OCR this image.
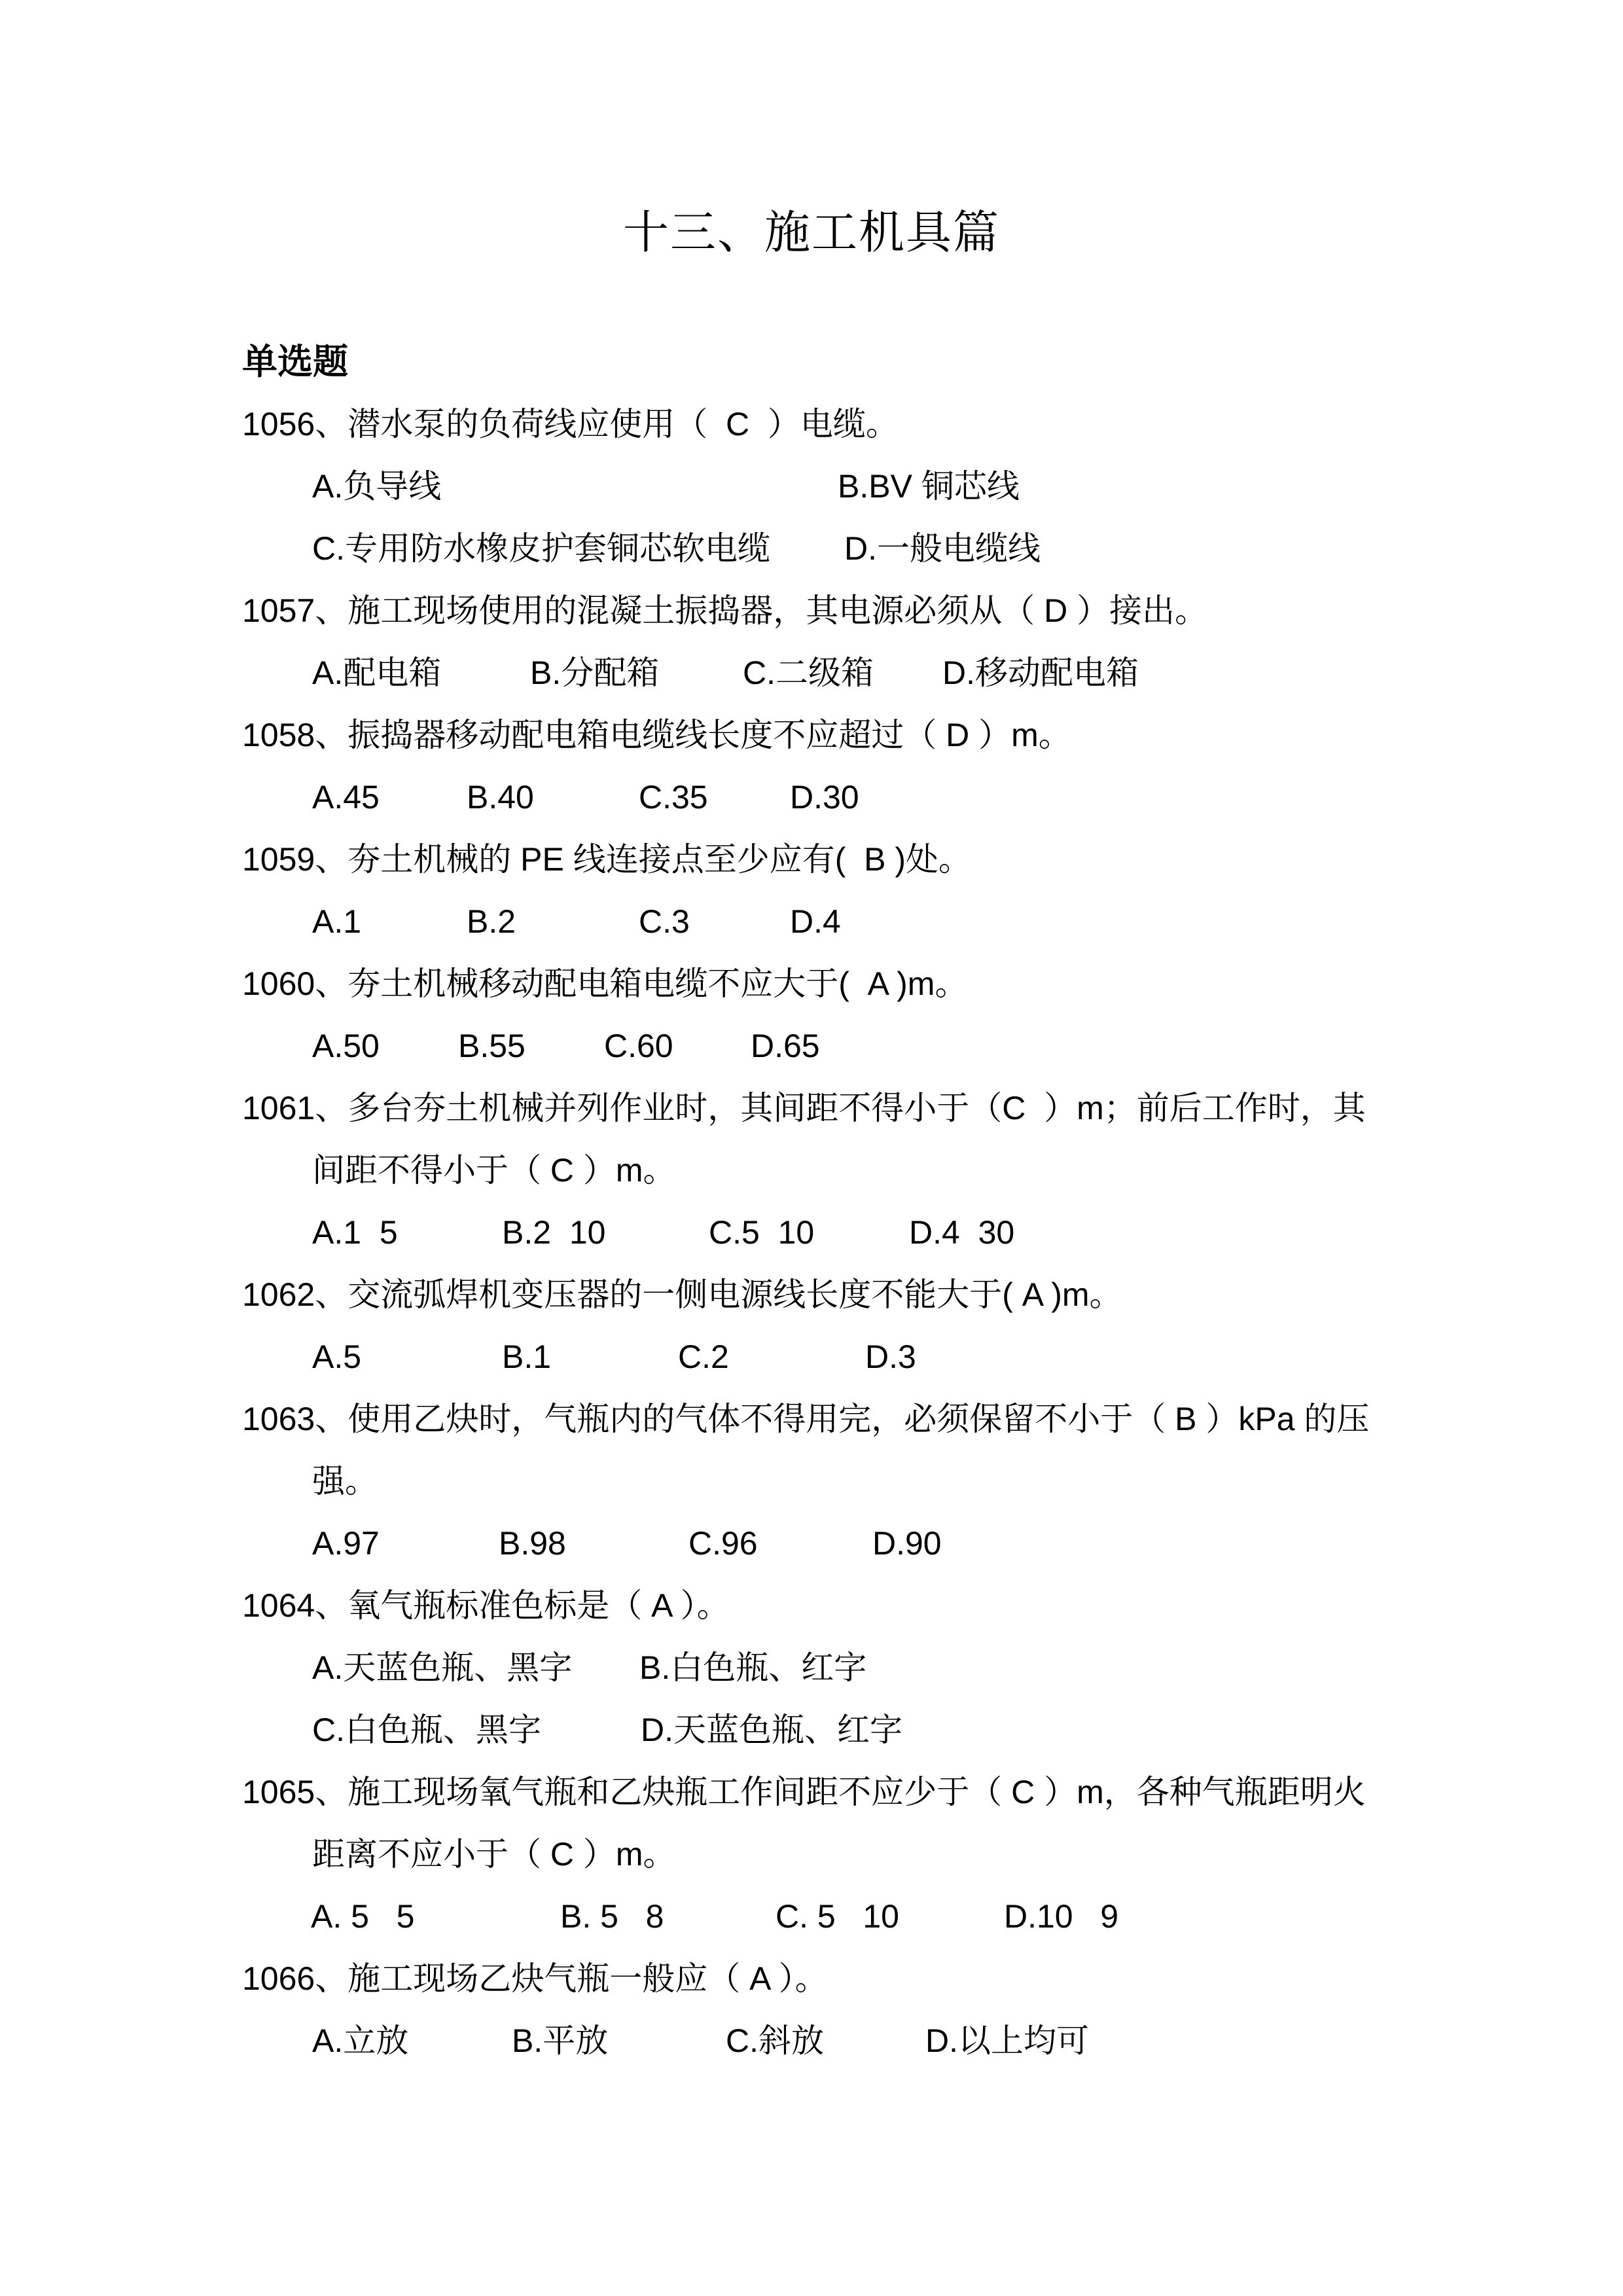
十三、施工机具篇
单选题
1056、潜水泵的负荷线应使用（  C  ）电缆。

A.负导线

	B.BV 铜芯线

C.专用防水橡皮护套铜芯软电缆

D.一般电缆线

1057、施工现场使用的混凝土振捣器，其电源必须从（ D ）接出。

A.配电箱

	B.分配箱

	C.二级箱

D.移动配电箱

1058、振捣器移动配电箱电缆线长度不应超过（ D ）m。

A.45

	B.40

	C.35

	D.30

1059、夯土机械的 PE 线连接点至少应有(  B )处。

A.1

	B.2

	C.3

	D.4

1060、夯土机械移动配电箱电缆不应大于(  A )m。

A.50

B.55

C.60

D.65

1061、多台夯土机械并列作业时，其间距不得小于（C  ）m；前后工作时，其
间距不得小于（ C ）m。

A.1  5

	B.2  10

	C.5  10

	D.4  30

1062、交流弧焊机变压器的一侧电源线长度不能大于( A )m。

A.5

	B.1

	C.2

	D.3

1063、使用乙炔时，气瓶内的气体不得用完，必须保留不小于（ B ）kPa 的压
强。

A.97

	B.98

	C.96

	D.90

1064、氧气瓶标准色标是（ A ）。

A.天蓝色瓶、黑字

B.白色瓶、红字

C.白色瓶、黑字

	D.天蓝色瓶、红字

1065、施工现场氧气瓶和乙炔瓶工作间距不应少于（ C ）m，各种气瓶距明火
距离不应小于（ C ）m。

A. 5   5

	B. 5   8

	C. 5   10

	D.10   9

1066、施工现场乙炔气瓶一般应（ A ）。

A.立放

	B.平放

	C.斜放

	D.以上均可
